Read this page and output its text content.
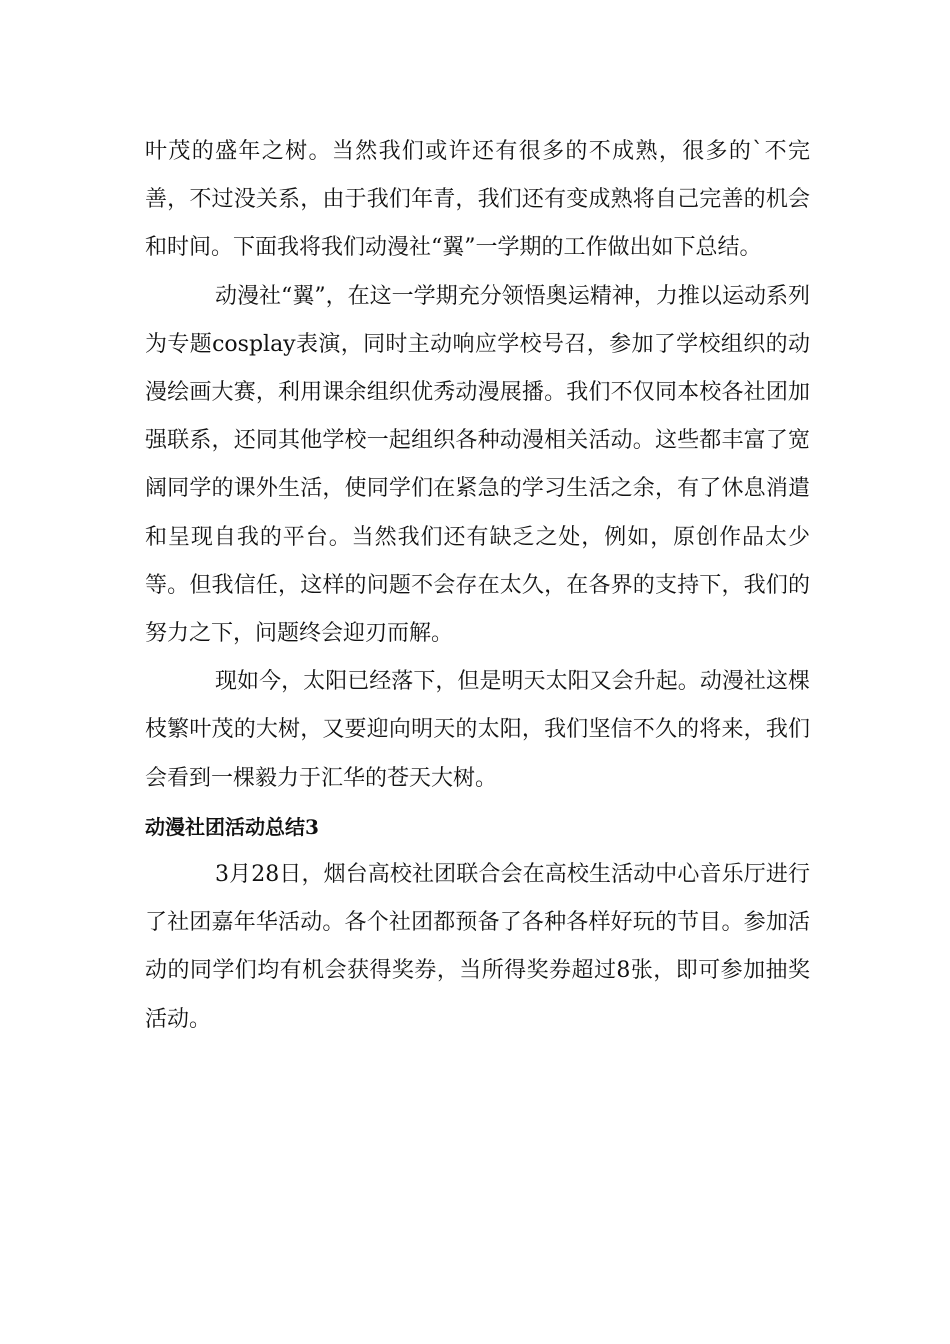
叶茂的盛年之树。当然我们或许还有很多的不成熟，很多的`不完善，不过没关系，由于我们年青，我们还有变成熟将自己完善的机会和时间。下面我将我们动漫社“翼”一学期的工作做出如下总结。

动漫社“翼”，在这一学期充分领悟奥运精神，力推以运动系列为专题cosplay表演，同时主动响应学校号召，参加了学校组织的动漫绘画大赛，利用课余组织优秀动漫展播。我们不仅同本校各社团加强联系，还同其他学校一起组织各种动漫相关活动。这些都丰富了宽阔同学的课外生活，使同学们在紧急的学习生活之余，有了休息消遣和呈现自我的平台。当然我们还有缺乏之处，例如，原创作品太少等。但我信任，这样的问题不会存在太久，在各界的支持下，我们的努力之下，问题终会迎刃而解。

现如今，太阳已经落下，但是明天太阳又会升起。动漫社这棵枝繁叶茂的大树，又要迎向明天的太阳，我们坚信不久的将来，我们会看到一棵毅力于汇华的苍天大树。

动漫社团活动总结3

3月28日，烟台高校社团联合会在高校生活动中心音乐厅进行了社团嘉年华活动。各个社团都预备了各种各样好玩的节目。参加活动的同学们均有机会获得奖券，当所得奖券超过8张，即可参加抽奖活动。
